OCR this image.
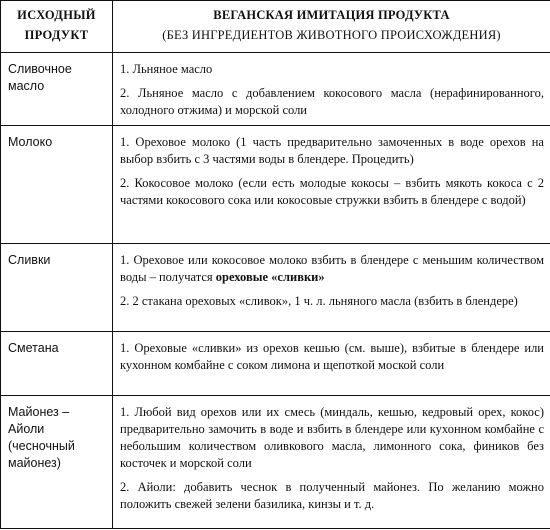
ИСХОДНЫЙ
ПРОДУКТ	ВЕГАНСКАЯ ИМИТАЦИЯ ПРОДУКТА
(БЕЗ ИНГРЕДИЕНТОВ ЖИВОТНОГО ПРОИСХОЖДЕНИЯ)

Сливочное масло	1. Льняное масло

2. Льняное масло с добавлением кокосового масла (нерафинированного, холодного отжима) и морской соли

Молоко	1. Ореховое молоко (1 часть предварительно замоченных в воде орехов на выбор взбить с 3 частями воды в блендере. Процедить)

2. Кокосовое молоко (если есть молодые кокосы – взбить мякоть кокоса с 2 частями кокосового сока или кокосовые стружки взбить в блендере с водой)

Сливки	1. Ореховое или кокосовое молоко взбить в блендере с меньшим количеством воды – получатся ореховые «сливки»

2. 2 стакана ореховых «сливок», 1 ч. л. льняного масла (взбить в блендере)

Сметана	1. Ореховые «сливки» из орехов кешью (см. выше), взбитые в блендере или кухонном комбайне с соком лимона и щепоткой моской соли

Майонез – Айоли (чесночный майонез)	1. Любой вид орехов или их смесь (миндаль, кешью, кедровый орех, кокос) предварительно замочить в воде и взбить в блендере или кухонном комбайне с небольшим количеством оливкового масла, лимонного сока, фиников без косточек и морской соли

2. Айоли: добавить чеснок в полученный майонез. По желанию можно положить свежей зелени базилика, кинзы и т. д.
